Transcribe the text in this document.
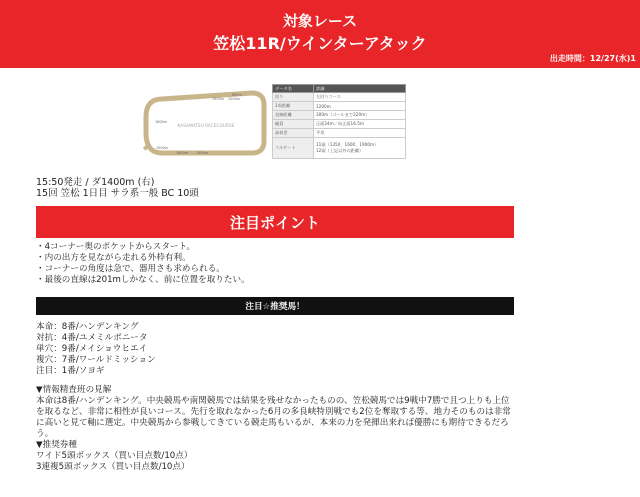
対象レース
笠松11R/ウインターアタック
出走時間：12/27(水)1
KASAMATSU RACECOURSE
1600m
1900m
800m
2000m
1400m 1300m
1500m
データ名	詳細
回り	左回りコース
1周距離	1200m
直線距離	300m（ゴールまで220m）
幅員	正面24m／向正面16.5m
高低差	平坦
フルゲート	11頭（1350、1600、1900m）
12頭（上記以外の距離）
15:50発走 / ダ1400m (右)
15回 笠松 1日目 サラ系一般 BC 10頭
注目ポイント
・4コーナー奥のポケットからスタート。
・内の出方を見ながら走れる外枠有利。
・コーナーの角度は急で、器用さも求められる。
・最後の直線は201mしかなく、前に位置を取りたい。
注目☆推奨馬！
本命：8番/ハンデンキング
対抗：4番/ユメミルボニータ
単穴：9番/メイショウヒエイ
複穴：7番/ワールドミッション
注目：1番/ソヨギ
▼情報精査班の見解
本命は8番/ハンデンキング。中央競馬や南関競馬では結果を残せなかったものの、笠松競馬では9戦中7勝で且つ上りも上位を取るなど、非常に相性が良いコース。先行を取れなかった6月の多良峡特別戦でも2位を奪取する等、地力そのものは非常に高いと見て軸に選定。中央競馬から参戦してきている競走馬もいるが、本来の力を発揮出来れば優勝にも期待できるだろう。
▼推奨券種
ワイド5頭ボックス（買い目点数/10点）
3連複5頭ボックス（買い目点数/10点）
